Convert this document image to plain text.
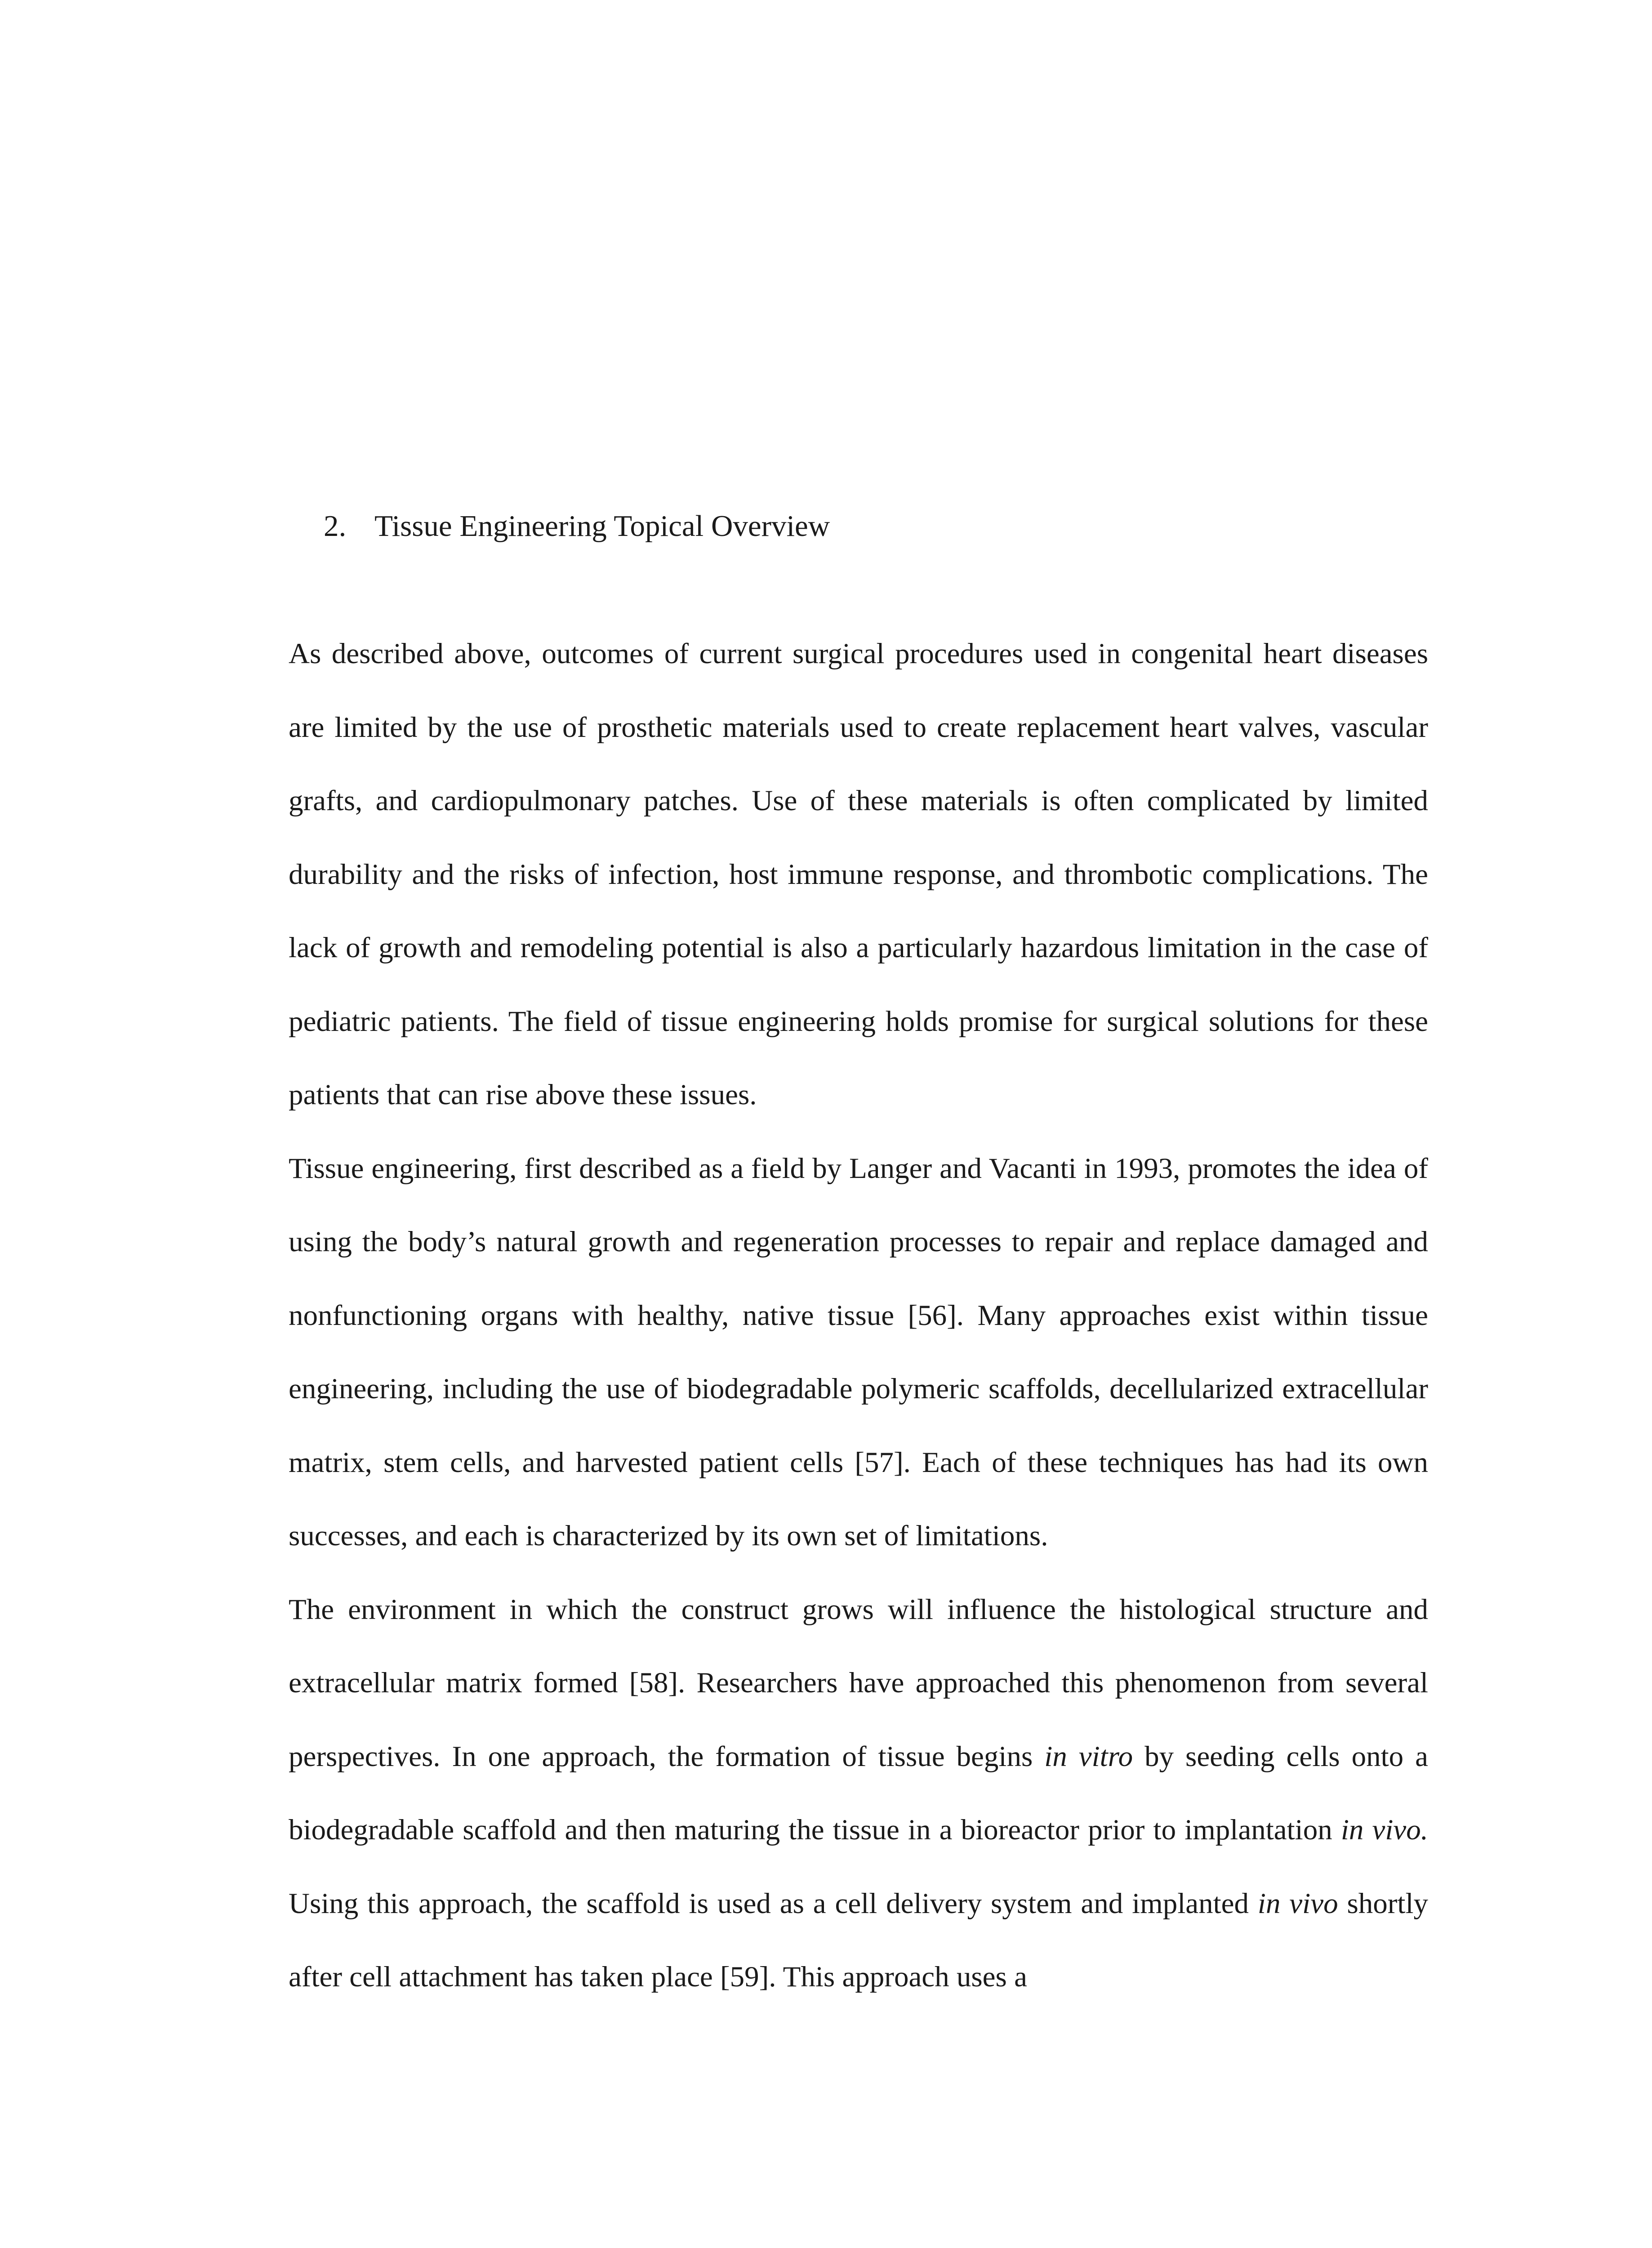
2. Tissue Engineering Topical Overview

As described above, outcomes of current surgical procedures used in congenital heart diseases are limited by the use of prosthetic materials used to create replacement heart valves, vascular grafts, and cardiopulmonary patches. Use of these materials is often complicated by limited durability and the risks of infection, host immune response, and thrombotic complications. The lack of growth and remodeling potential is also a particularly hazardous limitation in the case of pediatric patients. The field of tissue engineering holds promise for surgical solutions for these patients that can rise above these issues.

Tissue engineering, first described as a field by Langer and Vacanti in 1993, promotes the idea of using the body’s natural growth and regeneration processes to repair and replace damaged and nonfunctioning organs with healthy, native tissue [56]. Many approaches exist within tissue engineering, including the use of biodegradable polymeric scaffolds, decellularized extracellular matrix, stem cells, and harvested patient cells [57]. Each of these techniques has had its own successes, and each is characterized by its own set of limitations.

The environment in which the construct grows will influence the histological structure and extracellular matrix formed [58]. Researchers have approached this phenomenon from several perspectives. In one approach, the formation of tissue begins in vitro by seeding cells onto a biodegradable scaffold and then maturing the tissue in a bioreactor prior to implantation in vivo. Using this approach, the scaffold is used as a cell delivery system and implanted in vivo shortly after cell attachment has taken place [59]. This approach uses a
